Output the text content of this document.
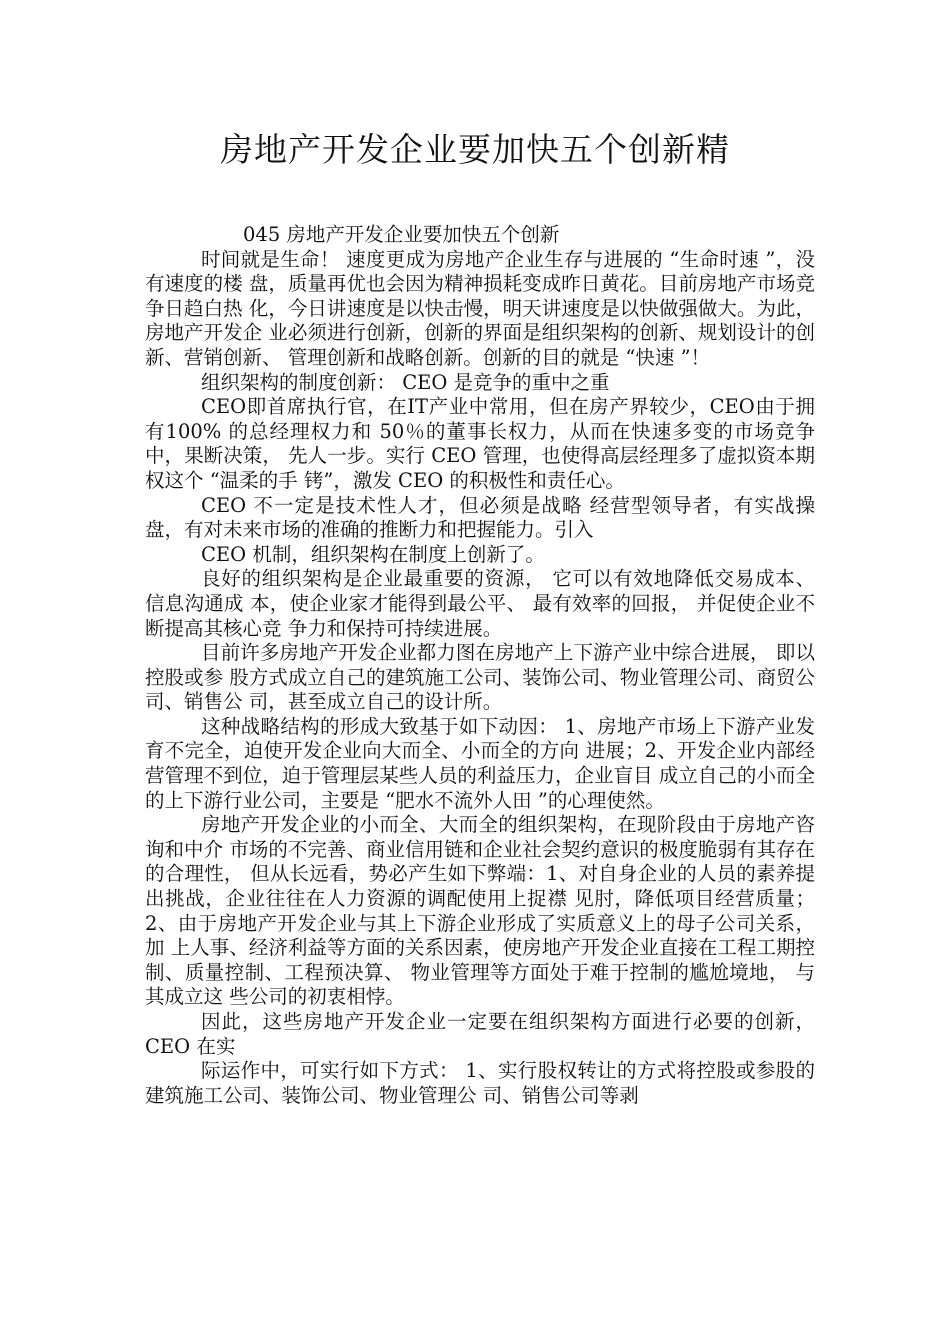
房地产开发企业要加快五个创新精

045 房地产开发企业要加快五个创新

时间就是生命！ 速度更成为房地产企业生存与进展的 “生命时速 ”，没有速度的楼 盘，质量再优也会因为精神损耗变成昨日黄花。目前房地产市场竞争日趋白热 化，今日讲速度是以快击慢，明天讲速度是以快做强做大。为此，房地产开发企 业必须进行创新，创新的界面是组织架构的创新、规划设计的创新、营销创新、 管理创新和战略创新。创新的目的就是 “快速 ”！

组织架构的制度创新： CEO 是竞争的重中之重

CEO即首席执行官，在IT产业中常用，但在房产界较少，CEO由于拥有100% 的总经理权力和 50％的董事长权力，从而在快速多变的市场竞争中，果断决策， 先人一步。实行 CEO 管理，也使得高层经理多了虚拟资本期权这个 “温柔的手 铐”，激发 CEO 的积极性和责任心。

CEO 不一定是技术性人才，但必须是战略 经营型领导者，有实战操盘，有对未来市场的准确的推断力和把握能力。引入

CEO 机制，组织架构在制度上创新了。

良好的组织架构是企业最重要的资源， 它可以有效地降低交易成本、 信息沟通成 本，使企业家才能得到最公平、 最有效率的回报， 并促使企业不断提高其核心竞 争力和保持可持续进展。

目前许多房地产开发企业都力图在房地产上下游产业中综合进展， 即以控股或参 股方式成立自己的建筑施工公司、装饰公司、物业管理公司、商贸公司、销售公 司，甚至成立自己的设计所。

这种战略结构的形成大致基于如下动因： 1、房地产市场上下游产业发育不完全，迫使开发企业向大而全、小而全的方向 进展；2、开发企业内部经营管理不到位，迫于管理层某些人员的利益压力，企业盲目 成立自己的小而全的上下游行业公司，主要是 “肥水不流外人田 ”的心理使然。

房地产开发企业的小而全、大而全的组织架构，在现阶段由于房地产咨询和中介 市场的不完善、商业信用链和企业社会契约意识的极度脆弱有其存在的合理性， 但从长远看，势必产生如下弊端：1、对自身企业的人员的素养提出挑战，企业往往在人力资源的调配使用上捉襟 见肘，降低项目经营质量； 2、由于房地产开发企业与其上下游企业形成了实质意义上的母子公司关系，加 上人事、经济利益等方面的关系因素，使房地产开发企业直接在工程工期控制、质量控制、工程预决算、 物业管理等方面处于难于控制的尴尬境地， 与其成立这 些公司的初衷相悖。

因此，这些房地产开发企业一定要在组织架构方面进行必要的创新， CEO 在实

际运作中，可实行如下方式： 1、实行股权转让的方式将控股或参股的建筑施工公司、装饰公司、物业管理公 司、销售公司等剥
